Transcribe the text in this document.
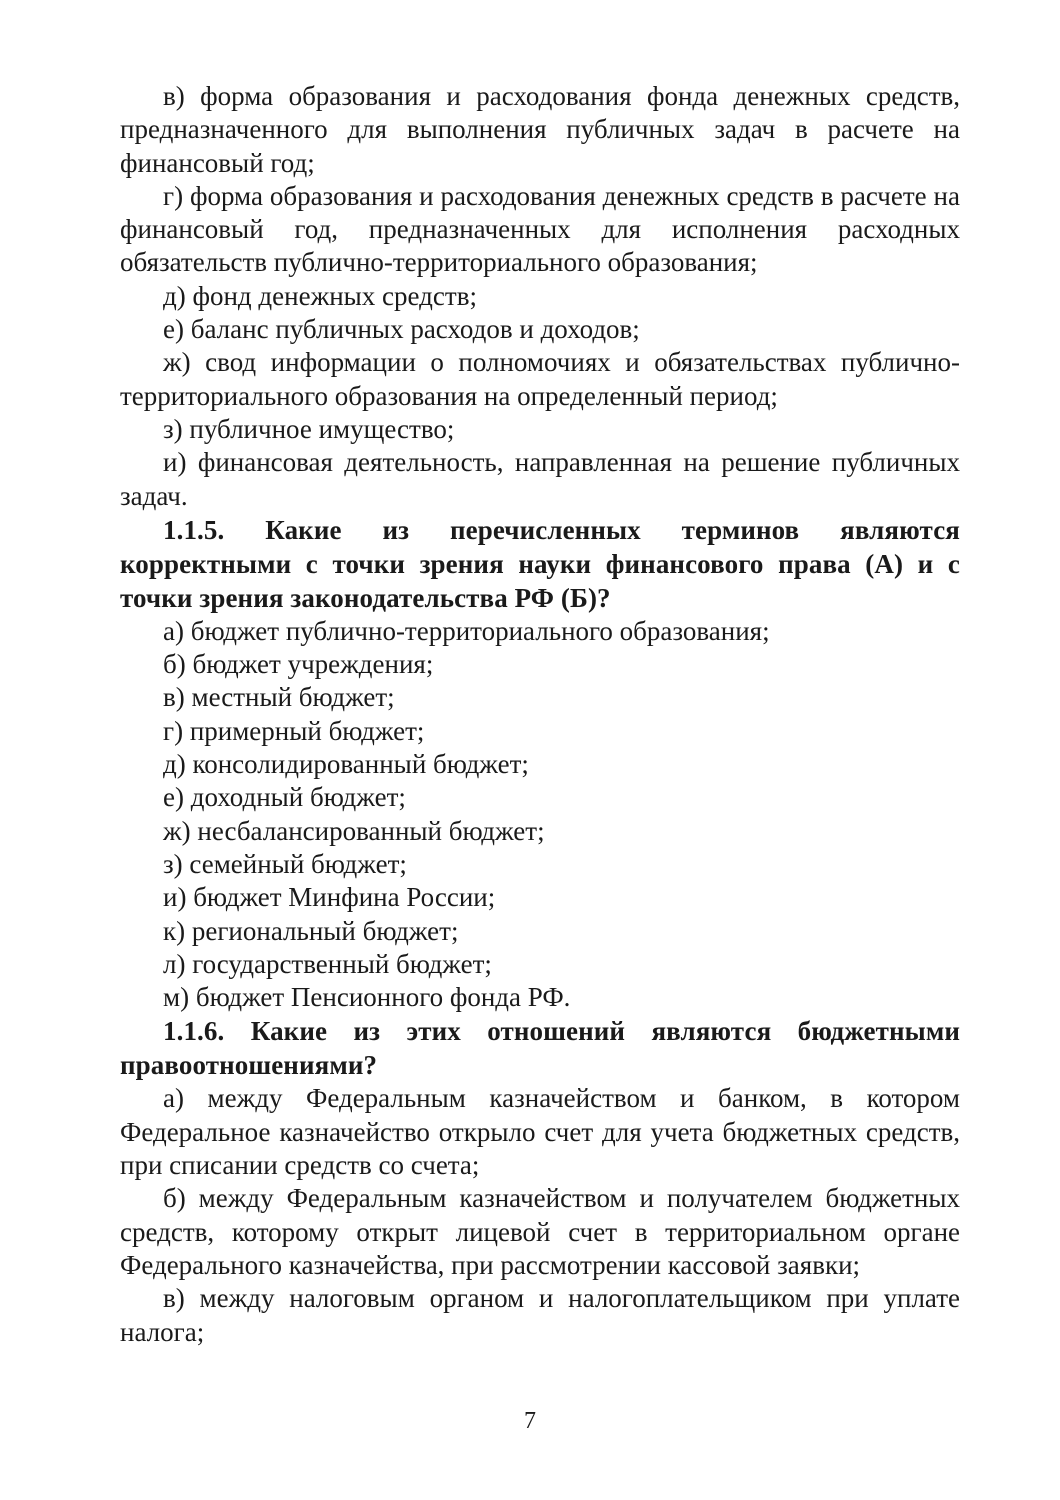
в) форма образования и расходования фонда денежных средств, предназначенного для выполнения публичных задач в расчете на финансовый год;

г) форма образования и расходования денежных средств в расчете на финансовый год, предназначенных для исполнения расходных обязательств публично-территориального образования;

д) фонд денежных средств;

е) баланс публичных расходов и доходов;

ж) свод информации о полномочиях и обязательствах публично-территориального образования на определенный период;

з) публичное имущество;

и) финансовая деятельность, направленная на решение публичных задач.

1.1.5. Какие из перечисленных терминов являются корректными с точки зрения науки финансового права (А) и с точки зрения законодательства РФ (Б)?

а) бюджет публично-территориального образования;

б) бюджет учреждения;

в) местный бюджет;

г) примерный бюджет;

д) консолидированный бюджет;

е) доходный бюджет;

ж) несбалансированный бюджет;

з) семейный бюджет;

и) бюджет Минфина России;

к) региональный бюджет;

л) государственный бюджет;

м) бюджет Пенсионного фонда РФ.

1.1.6. Какие из этих отношений являются бюджетными правоотношениями?

а) между Федеральным казначейством и банком, в котором Федеральное казначейство открыло счет для учета бюджетных средств, при списании средств со счета;

б) между Федеральным казначейством и получателем бюджетных средств, которому открыт лицевой счет в территориальном органе Федерального казначейства, при рассмотрении кассовой заявки;

в) между налоговым органом и налогоплательщиком при уплате налога;

7
